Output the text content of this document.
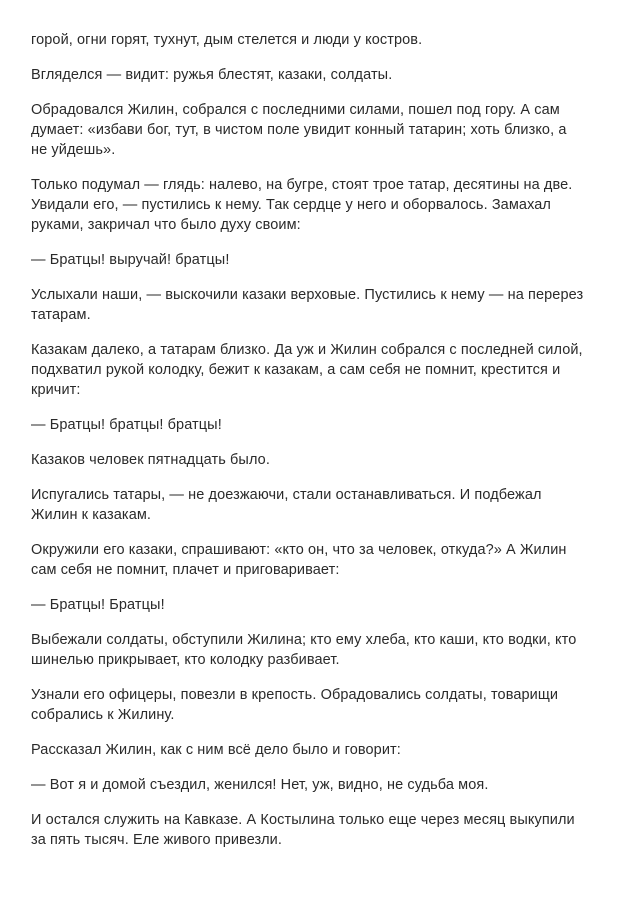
горой, огни горят, тухнут, дым стелется и люди у костров.
Вгляделся — видит: ружья блестят, казаки, солдаты.
Обрадовался Жилин, собрался с последними силами, пошел под гору. А сам
думает: «избави бог, тут, в чистом поле увидит конный татарин; хоть близко, а
не уйдешь».
Только подумал — глядь: налево, на бугре, стоят трое татар, десятины на две.
Увидали его, — пустились к нему. Так сердце у него и оборвалось. Замахал
руками, закричал что было духу своим:
— Братцы! выручай! братцы!
Услыхали наши, — выскочили казаки верховые. Пустились к нему — на перерез
татарам.
Казакам далеко, а татарам близко. Да уж и Жилин собрался с последней силой,
подхватил рукой колодку, бежит к казакам, а сам себя не помнит, крестится и
кричит:
— Братцы! братцы! братцы!
Казаков человек пятнадцать было.
Испугались татары, — не доезжаючи, стали останавливаться. И подбежал
Жилин к казакам.
Окружили его казаки, спрашивают: «кто он, что за человек, откуда?» А Жилин
сам себя не помнит, плачет и приговаривает:
— Братцы! Братцы!
Выбежали солдаты, обступили Жилина; кто ему хлеба, кто каши, кто водки, кто
шинелью прикрывает, кто колодку разбивает.
Узнали его офицеры, повезли в крепость. Обрадовались солдаты, товарищи
собрались к Жилину.
Рассказал Жилин, как с ним всё дело было и говорит:
— Вот я и домой съездил, женился! Нет, уж, видно, не судьба моя.
И остался служить на Кавказе. А Костылина только еще через месяц выкупили
за пять тысяч. Еле живого привезли.
